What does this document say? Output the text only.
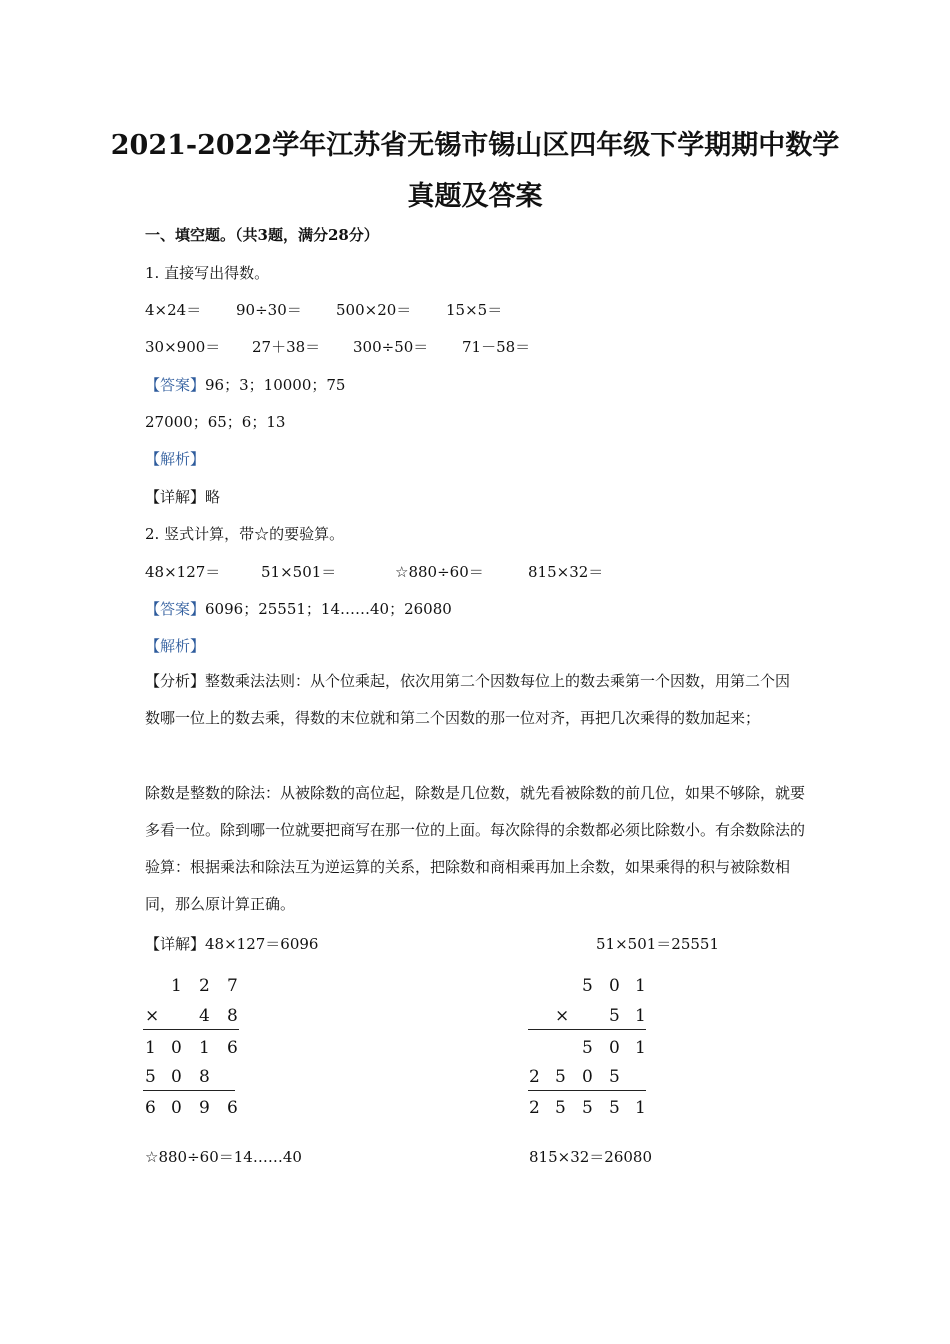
2021-2022学年江苏省无锡市锡山区四年级下学期期中数学
真题及答案
一、填空题。（共3题，满分28分）
1. 直接写出得数。
4×24＝ 90÷30＝ 500×20＝ 15×5＝
30×900＝ 27＋38＝ 300÷50＝ 71－58＝
【答案】96；3；10000；75
27000；65；6；13
【解析】
【详解】略
2. 竖式计算，带☆的要验算。
48×127＝	51×501＝	☆880÷60＝	815×32＝
【答案】6096；25551；14……40；26080
【解析】
【分析】整数乘法法则：从个位乘起，依次用第二个因数每位上的数去乘第一个因数，用第二个因数哪一位上的数去乘，得数的末位就和第二个因数的那一位对齐，再把几次乘得的数加起来；
除数是整数的除法：从被除数的高位起，除数是几位数，就先看被除数的前几位，如果不够除，就要多看一位。除到哪一位就要把商写在那一位的上面。每次除得的余数都必须比除数小。有余数除法的验算：根据乘法和除法互为逆运算的关系，把除数和商相乘再加上余数，如果乘得的积与被除数相同，那么原计算正确。
【详解】48×127＝6096	51×501＝25551
1 2 7
× 4 8
1 0 1 6
5 0 8
6 0 9 6
5 0 1
× 5 1
5 0 1
2 5 0 5
2 5 5 5 1
☆880÷60＝14……40	815×32＝26080
